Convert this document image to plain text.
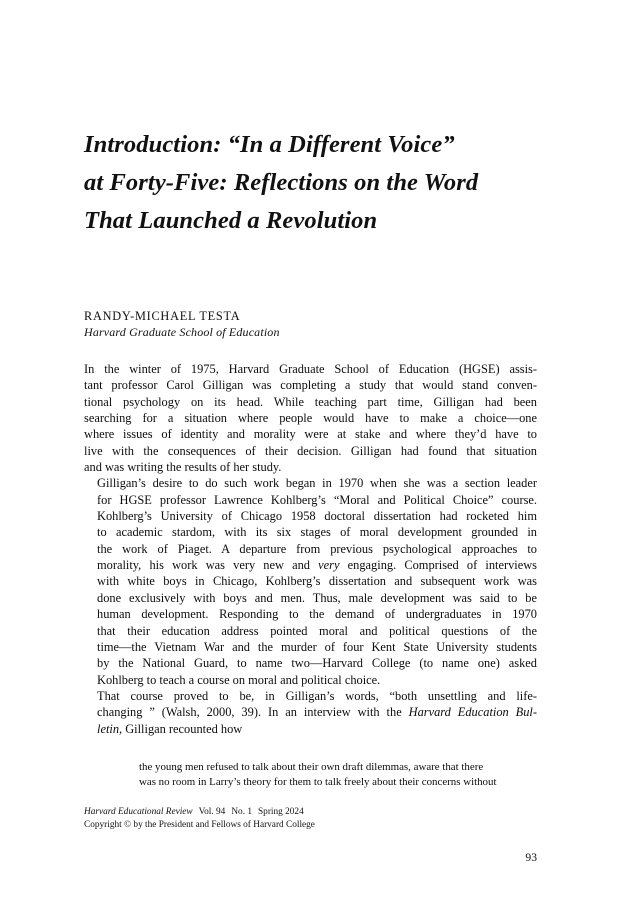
Introduction: “In a Different Voice”
at Forty-Five: Reflections on the Word
That Launched a Revolution
RANDY-MICHAEL TESTA
Harvard Graduate School of Education

In the winter of 1975, Harvard Graduate School of Education (HGSE) assis-
tant professor Carol Gilligan was completing a study that would stand conven-
tional psychology on its head. While teaching part time, Gilligan had been
searching for a situation where people would have to make a choice—one
where issues of identity and morality were at stake and where they’d have to
live with the consequences of their decision. Gilligan had found that situation
and was writing the results of her study.

Gilligan’s desire to do such work began in 1970 when she was a section leader
for HGSE professor Lawrence Kohlberg’s “Moral and Political Choice” course.
Kohlberg’s University of Chicago 1958 doctoral dissertation had rocketed him
to academic stardom, with its six stages of moral development grounded in
the work of Piaget. A departure from previous psychological approaches to
morality, his work was very new and very engaging. Comprised of interviews
with white boys in Chicago, Kohlberg’s dissertation and subsequent work was
done exclusively with boys and men. Thus, male development was said to be
human development. Responding to the demand of undergraduates in 1970
that their education address pointed moral and political questions of the
time—the Vietnam War and the murder of four Kent State University students
by the National Guard, to name two—Harvard College (to name one) asked
Kohlberg to teach a course on moral and political choice.

That course proved to be, in Gilligan’s words, “both unsettling and life-
changing ” (Walsh, 2000, 39). In an interview with the Harvard Education Bul-
letin, Gilligan recounted how

the young men refused to talk about their own draft dilemmas, aware that there
was no room in Larry’s theory for them to talk freely about their concerns without

Harvard Educational Review Vol. 94 No. 1 Spring 2024
Copyright © by the President and Fellows of Harvard College
93
